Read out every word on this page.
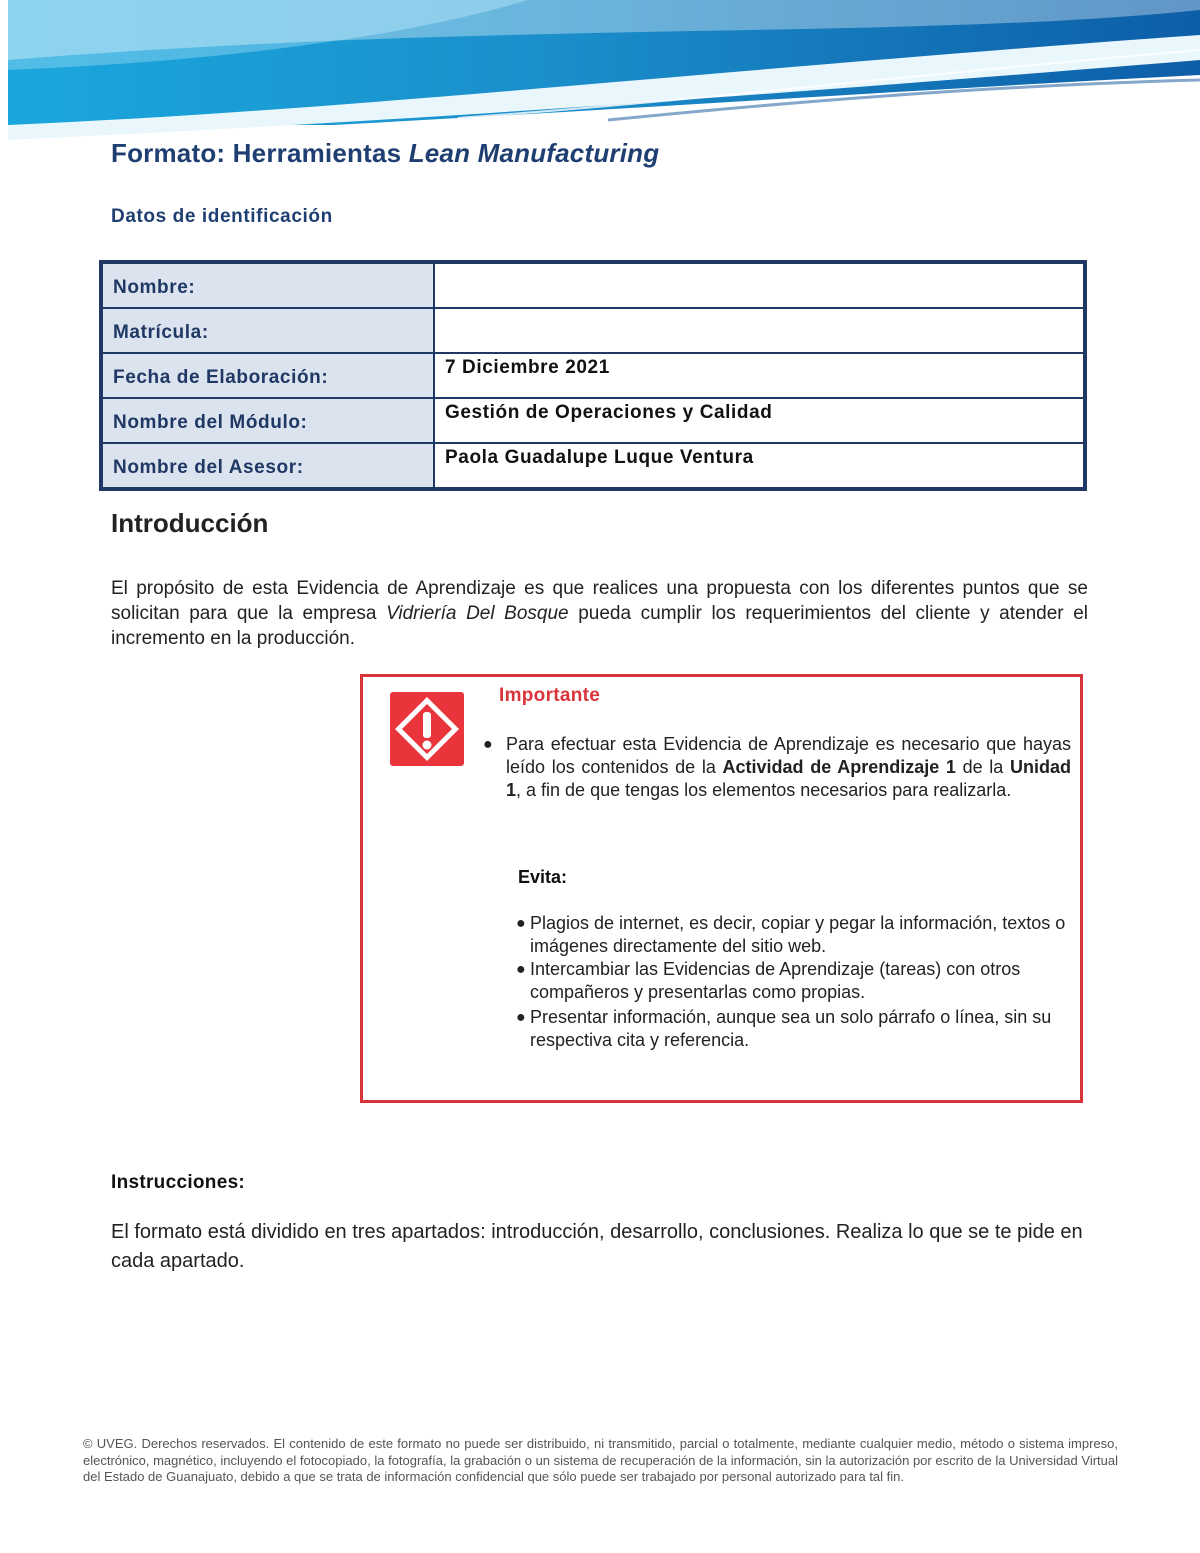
Formato: Herramientas Lean Manufacturing
Datos de identificación
Nombre:	
Matrícula:	
Fecha de Elaboración:	7 Diciembre 2021
Nombre del Módulo:	Gestión de Operaciones y Calidad
Nombre del Asesor:	Paola Guadalupe Luque Ventura
Introducción
El propósito de esta Evidencia de Aprendizaje es que realices una propuesta con los diferentes puntos que se solicitan para que la empresa Vidriería Del Bosque pueda cumplir los requerimientos del cliente y atender el incremento en la producción.
Importante
● Para efectuar esta Evidencia de Aprendizaje es necesario que hayas leído los contenidos de la Actividad de Aprendizaje 1 de la Unidad 1, a fin de que tengas los elementos necesarios para realizarla.
Evita:
● Plagios de internet, es decir, copiar y pegar la información, textos o imágenes directamente del sitio web.
● Intercambiar las Evidencias de Aprendizaje (tareas) con otros compañeros y presentarlas como propias.
● Presentar información, aunque sea un solo párrafo o línea, sin su respectiva cita y referencia.
Instrucciones:
El formato está dividido en tres apartados: introducción, desarrollo, conclusiones. Realiza lo que se te pide en cada apartado.
© UVEG. Derechos reservados. El contenido de este formato no puede ser distribuido, ni transmitido, parcial o totalmente, mediante cualquier medio, método o sistema impreso, electrónico, magnético, incluyendo el fotocopiado, la fotografía, la grabación o un sistema de recuperación de la información, sin la autorización por escrito de la Universidad Virtual del Estado de Guanajuato, debido a que se trata de información confidencial que sólo puede ser trabajado por personal autorizado para tal fin.
